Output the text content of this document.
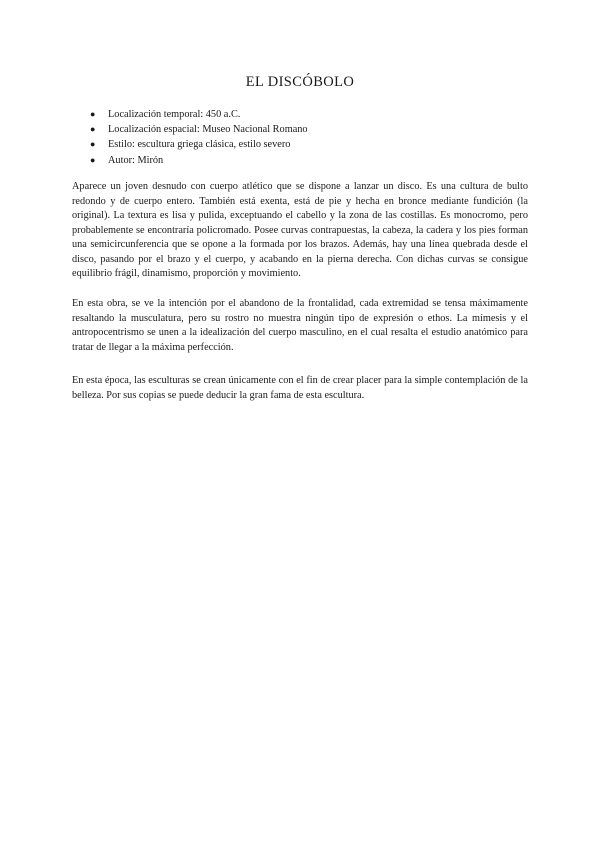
EL DISCÓBOLO
● Localización temporal: 450 a.C.
● Localización espacial: Museo Nacional Romano
● Estilo: escultura griega clásica, estilo severo
● Autor: Mirón

Aparece un joven desnudo con cuerpo atlético que se dispone a lanzar un disco. Es una cultura de bulto redondo y de cuerpo entero. También está exenta, está de pie y hecha en bronce mediante fundición (la original). La textura es lisa y pulida, exceptuando el cabello y la zona de las costillas. Es monocromo, pero probablemente se encontraría policromado. Posee curvas contrapuestas, la cabeza, la cadera y los pies forman una semicircunferencia que se opone a la formada por los brazos. Además, hay una línea quebrada desde el disco, pasando por el brazo y el cuerpo, y acabando en la pierna derecha. Con dichas curvas se consigue equilibrio frágil, dinamismo, proporción y movimiento.

En esta obra, se ve la intención por el abandono de la frontalidad, cada extremidad se tensa máximamente resaltando la musculatura, pero su rostro no muestra ningún tipo de expresión o ethos. La mímesis y el antropocentrismo se unen a la idealización del cuerpo masculino, en el cual resalta el estudio anatómico para tratar de llegar a la máxima perfección.

En esta época, las esculturas se crean únicamente con el fin de crear placer para la simple contemplación de la belleza. Por sus copias se puede deducir la gran fama de esta escultura.
